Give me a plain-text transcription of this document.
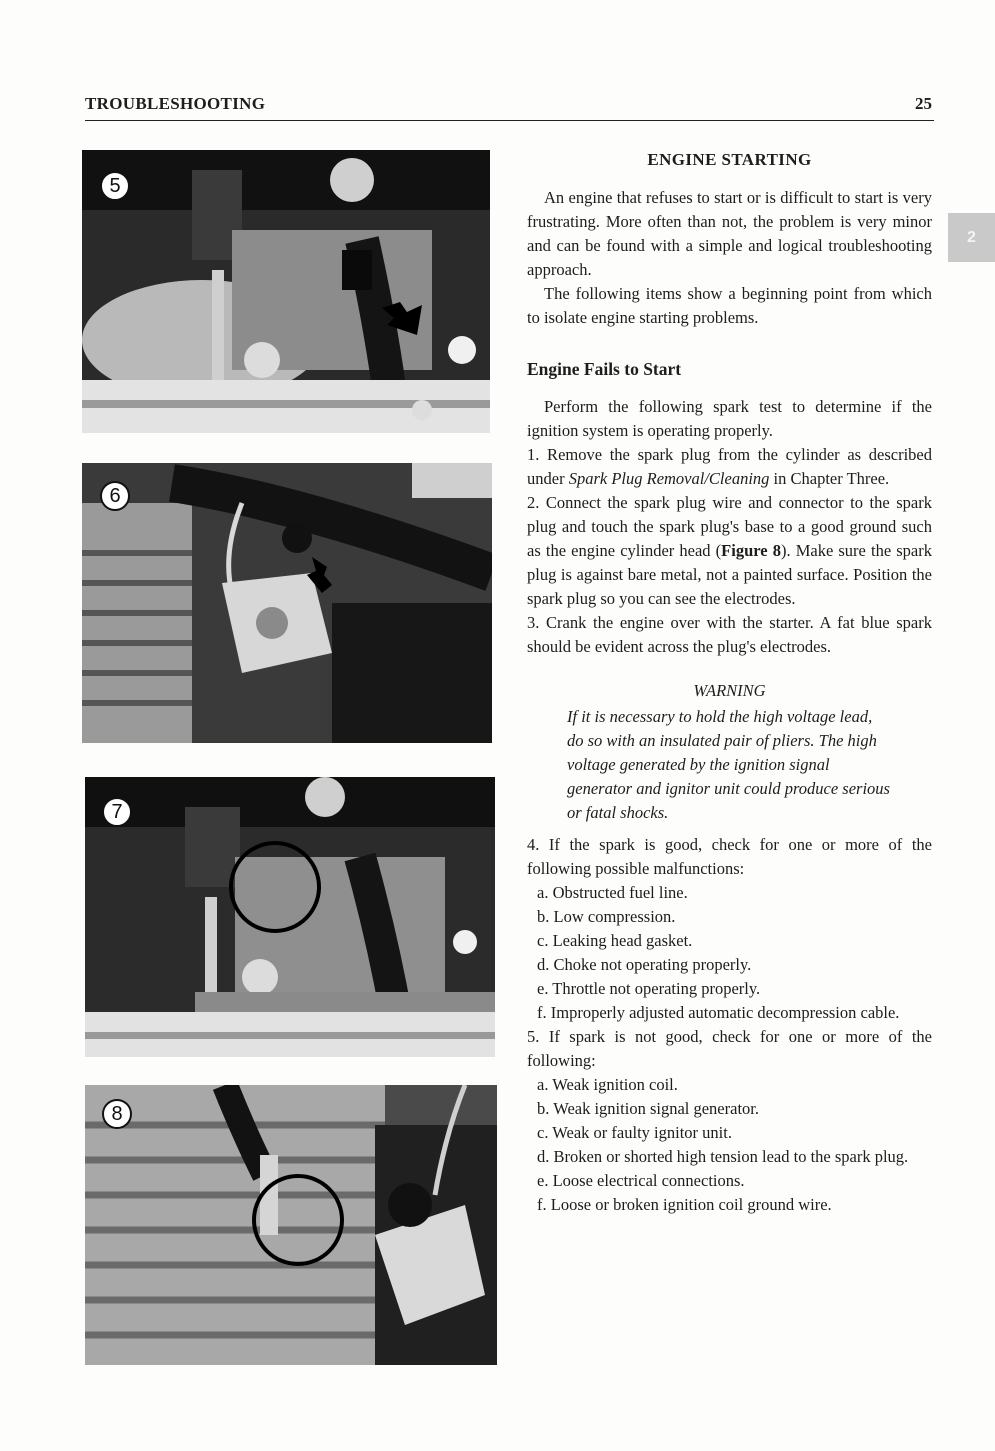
TROUBLESHOOTING	25
2
5
6
7
8
ENGINE STARTING

An engine that refuses to start or is difficult to start is very frustrating. More often than not, the problem is very minor and can be found with a simple and logical troubleshooting approach.

The following items show a beginning point from which to isolate engine starting problems.

Engine Fails to Start

Perform the following spark test to determine if the ignition system is operating properly.

1. Remove the spark plug from the cylinder as described under Spark Plug Removal/Cleaning in Chapter Three.

2. Connect the spark plug wire and connector to the spark plug and touch the spark plug's base to a good ground such as the engine cylinder head (Figure 8). Make sure the spark plug is against bare metal, not a painted surface. Position the spark plug so you can see the electrodes.

3. Crank the engine over with the starter. A fat blue spark should be evident across the plug's electrodes.

WARNING
If it is necessary to hold the high voltage lead, do so with an insulated pair of pliers. The high voltage generated by the ignition signal generator and ignitor unit could produce serious or fatal shocks.

4. If the spark is good, check for one or more of the following possible malfunctions:

a. Obstructed fuel line.

b. Low compression.

c. Leaking head gasket.

d. Choke not operating properly.

e. Throttle not operating properly.

f. Improperly adjusted automatic decompression cable.

5. If spark is not good, check for one or more of the following:

a. Weak ignition coil.

b. Weak ignition signal generator.

c. Weak or faulty ignitor unit.

d. Broken or shorted high tension lead to the spark plug.

e. Loose electrical connections.

f. Loose or broken ignition coil ground wire.
